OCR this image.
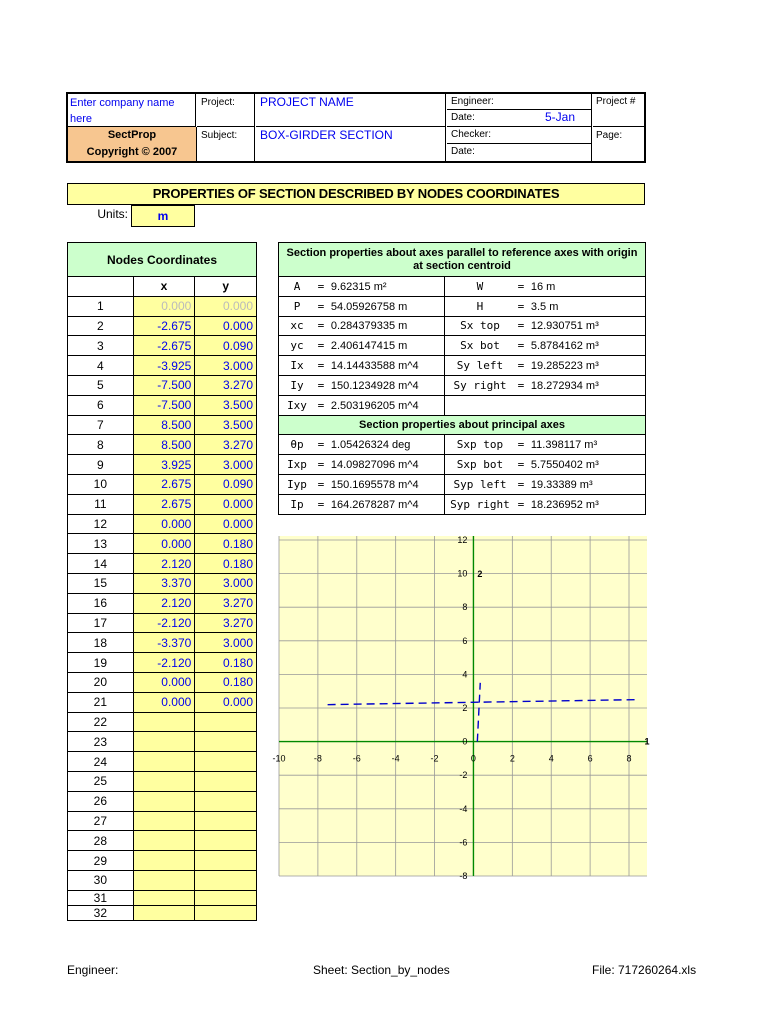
Enter company name here
SectProp
Copyright © 2007
Project:
Subject:
PROJECT NAME
BOX-GIRDER SECTION
Engineer:
Date:	5-Jan
Checker:
Date:
Project #
Page:
PROPERTIES OF SECTION DESCRIBED BY NODES COORDINATES
Units:	m
Nodes Coordinates		
	x	y
1	0.000	0.000
2	-2.675	0.000
3	-2.675	0.090
4	-3.925	3.000
5	-7.500	3.270
6	-7.500	3.500
7	8.500	3.500
8	8.500	3.270
9	3.925	3.000
10	2.675	0.090
11	2.675	0.000
12	0.000	0.000
13	0.000	0.180
14	2.120	0.180
15	3.370	3.000
16	2.120	3.270
17	-2.120	3.270
18	-3.370	3.000
19	-2.120	0.180
20	0.000	0.180
21	0.000	0.000
22		
23		
24		
25		
26		
27		
28		
29		
30		
31		
32		
Section properties about axes parallel to reference axes with origin at section centroid	
A = 9.62315 m²	W = 16 m
P = 54.05926758 m	H = 3.5 m
xc = 0.284379335 m	Sx top = 12.930751 m³
yc = 2.406147415 m	Sx bot = 5.8784162 m³
Ix = 14.14433588 m^4	Sy left = 19.285223 m³
Iy = 150.1234928 m^4	Sy right = 18.272934 m³
Ixy = 2.503196205 m^4	
Section properties about principal axes	
θp = 1.05426324 deg	Sxp top = 11.398117 m³
Ixp = 14.09827096 m^4	Sxp bot = 5.7550402 m³
Iyp = 150.1695578 m^4	Syp left = 19.33389 m³
Ip = 164.2678287 m^4	Syp right = 18.236952 m³
-10	-8	-6	-4	-2	0	2	4	6	8
12
10
8
6
4
2
0
-2
-4
-6
-8
1
2
Engineer:	Sheet: Section_by_nodes	File: 717260264.xls
